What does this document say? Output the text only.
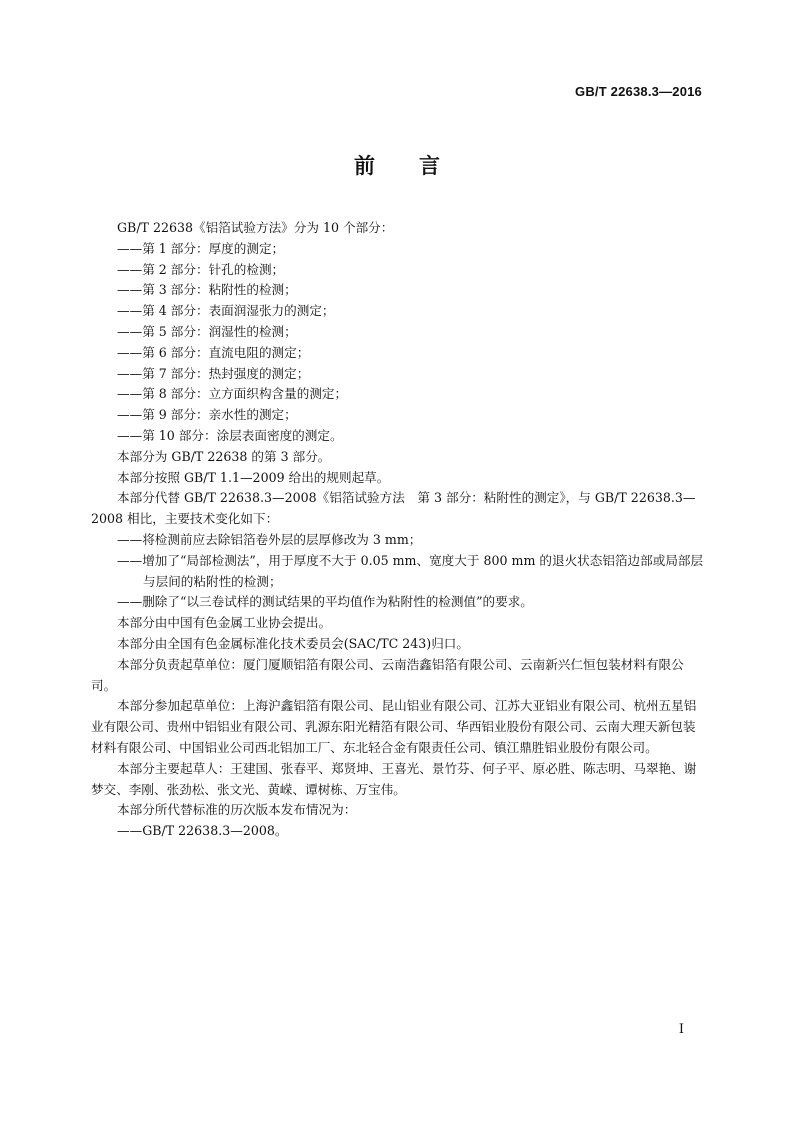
GB/T 22638.3—2016
前言

GB/T 22638《铝箔试验方法》分为 10 个部分：

——第 1 部分：厚度的测定；

——第 2 部分：针孔的检测；

——第 3 部分：粘附性的检测；

——第 4 部分：表面润湿张力的测定；

——第 5 部分：润湿性的检测；

——第 6 部分：直流电阻的测定；

——第 7 部分：热封强度的测定；

——第 8 部分：立方面织构含量的测定；

——第 9 部分：亲水性的测定；

——第 10 部分：涂层表面密度的测定。

本部分为 GB/T 22638 的第 3 部分。

本部分按照 GB/T 1.1—2009 给出的规则起草。

本部分代替 GB/T 22638.3—2008《铝箔试验方法　第 3 部分：粘附性的测定》，与 GB/T 22638.3—2008 相比，主要技术变化如下：

——将检测前应去除铝箔卷外层的层厚修改为 3 mm；

——增加了“局部检测法”，用于厚度不大于 0.05 mm、宽度大于 800 mm 的退火状态铝箔边部或局部层与层间的粘附性的检测；

——删除了“以三卷试样的测试结果的平均值作为粘附性的检测值”的要求。

本部分由中国有色金属工业协会提出。

本部分由全国有色金属标准化技术委员会(SAC/TC 243)归口。

本部分负责起草单位：厦门厦顺铝箔有限公司、云南浩鑫铝箔有限公司、云南新兴仁恒包装材料有限公司。

本部分参加起草单位：上海沪鑫铝箔有限公司、昆山铝业有限公司、江苏大亚铝业有限公司、杭州五星铝业有限公司、贵州中铝铝业有限公司、乳源东阳光精箔有限公司、华西铝业股份有限公司、云南大理天新包装材料有限公司、中国铝业公司西北铝加工厂、东北轻合金有限责任公司、镇江鼎胜铝业股份有限公司。

本部分主要起草人：王建国、张春平、郑贤坤、王喜光、景竹芬、何子平、原必胜、陈志明、马翠艳、谢梦交、李刚、张劲松、张文光、黄嵘、谭树栋、万宝伟。

本部分所代替标准的历次版本发布情况为：

——GB/T 22638.3—2008。

I
